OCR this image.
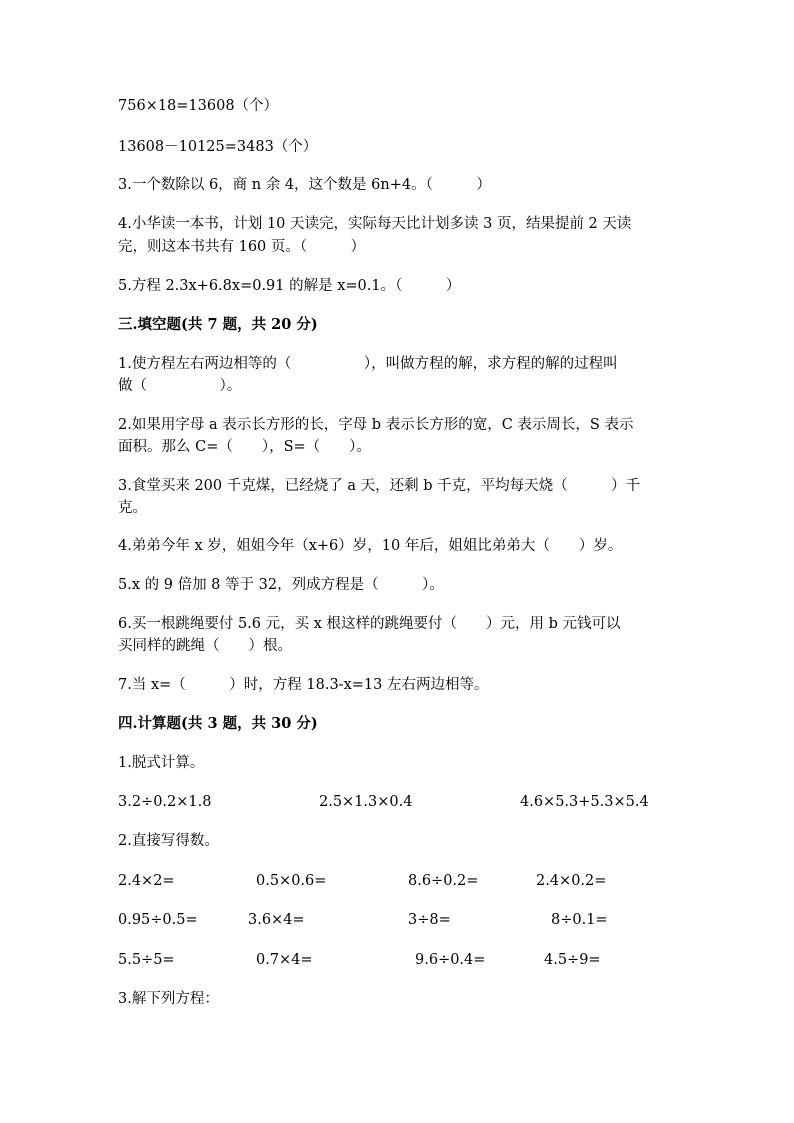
756×18=13608（个）
13608－10125=3483（个）
3.一个数除以 6，商 n 余 4，这个数是 6n+4。（　　　）
4.小华读一本书，计划 10 天读完，实际每天比计划多读 3 页，结果提前 2 天读
完，则这本书共有 160 页。（　　　）
5.方程 2.3x+6.8x=0.91 的解是 x=0.1。（　　　）
三.填空题(共 7 题，共 20 分)
1.使方程左右两边相等的（　　　　　），叫做方程的解，求方程的解的过程叫
做（　　　　　）。
2.如果用字母 a 表示长方形的长，字母 b 表示长方形的宽，C 表示周长，S 表示
面积。那么 C=（　　），S=（　　）。
3.食堂买来 200 千克煤，已经烧了 a 天，还剩 b 千克，平均每天烧（　　　）千
克。
4.弟弟今年 x 岁，姐姐今年（x+6）岁，10 年后，姐姐比弟弟大（　　）岁。
5.x 的 9 倍加 8 等于 32，列成方程是（　　　）。
6.买一根跳绳要付 5.6 元，买 x 根这样的跳绳要付（　　）元，用 b 元钱可以
买同样的跳绳（　　）根。
7.当 x=（　　　）时，方程 18.3-x=13 左右两边相等。
四.计算题(共 3 题，共 30 分)
1.脱式计算。
3.2÷0.2×1.8	2.5×1.3×0.4	4.6×5.3+5.3×5.4
2.直接写得数。
2.4×2=	0.5×0.6=	8.6÷0.2=	2.4×0.2=
0.95÷0.5=	3.6×4=	3÷8=	8÷0.1=
5.5÷5=	0.7×4=	9.6÷0.4=	4.5÷9=
3.解下列方程：
